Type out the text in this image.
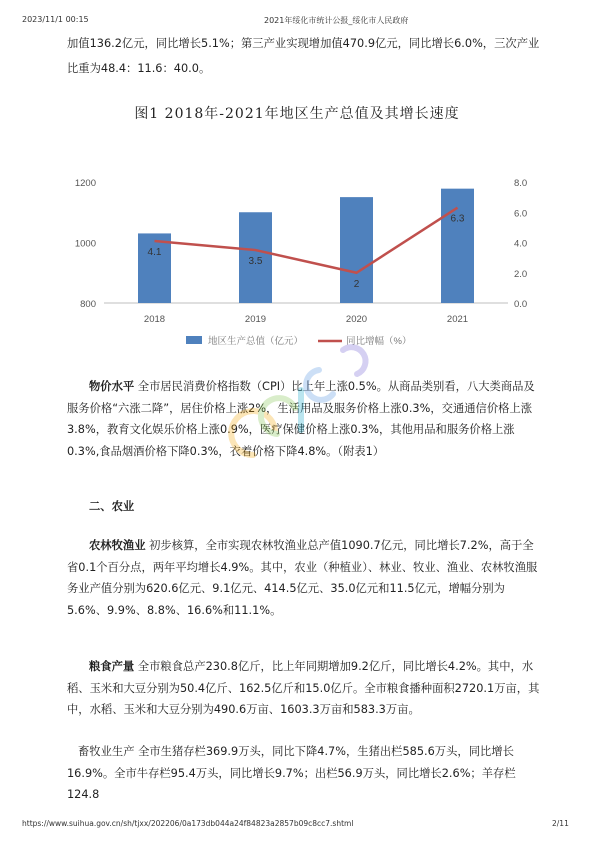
2023/11/1 00:15	2021年绥化市统计公报_绥化市人民政府
加值136.2亿元，同比增长5.1%；第三产业实现增加值470.9亿元，同比增长6.0%，三次产业
比重为48.4：11.6：40.0。
图1 2018年-2021年地区生产总值及其增长速度
800
1000
1200
0.0
2.0
4.0
6.0
8.0
4.1
3.5
2
6.3
2018	2019	2020	2021
地区生产总值（亿元）	同比增幅（%）
物价水平 全市居民消费价格指数（CPI）比上年上涨0.5%。从商品类别看，八大类商品及服务价格“六涨二降”，居住价格上涨2%，生活用品及服务价格上涨0.3%，交通通信价格上涨3.8%，教育文化娱乐价格上涨0.9%，医疗保健价格上涨0.3%，其他用品和服务价格上涨0.3%,食品烟酒价格下降0.3%，衣着价格下降4.8%。（附表1）
二、农业
农林牧渔业 初步核算，全市实现农林牧渔业总产值1090.7亿元，同比增长7.2%，高于全省0.1个百分点，两年平均增长4.9%。其中，农业（种植业）、林业、牧业、渔业、农林牧渔服务业产值分别为620.6亿元、9.1亿元、414.5亿元、35.0亿元和11.5亿元，增幅分别为5.6%、9.9%、8.8%、16.6%和11.1%。
粮食产量 全市粮食总产230.8亿斤，比上年同期增加9.2亿斤，同比增长4.2%。其中，水稻、玉米和大豆分别为50.4亿斤、162.5亿斤和15.0亿斤。全市粮食播种面积2720.1万亩，其中，水稻、玉米和大豆分别为490.6万亩、1603.3万亩和583.3万亩。
畜牧业生产 全市生猪存栏369.9万头，同比下降4.7%，生猪出栏585.6万头，同比增长16.9%。全市牛存栏95.4万头，同比增长9.7%；出栏56.9万头，同比增长2.6%；羊存栏124.8
https://www.suihua.gov.cn/sh/tjxx/202206/0a173db044a24f84823a2857b09c8cc7.shtml	2/11
